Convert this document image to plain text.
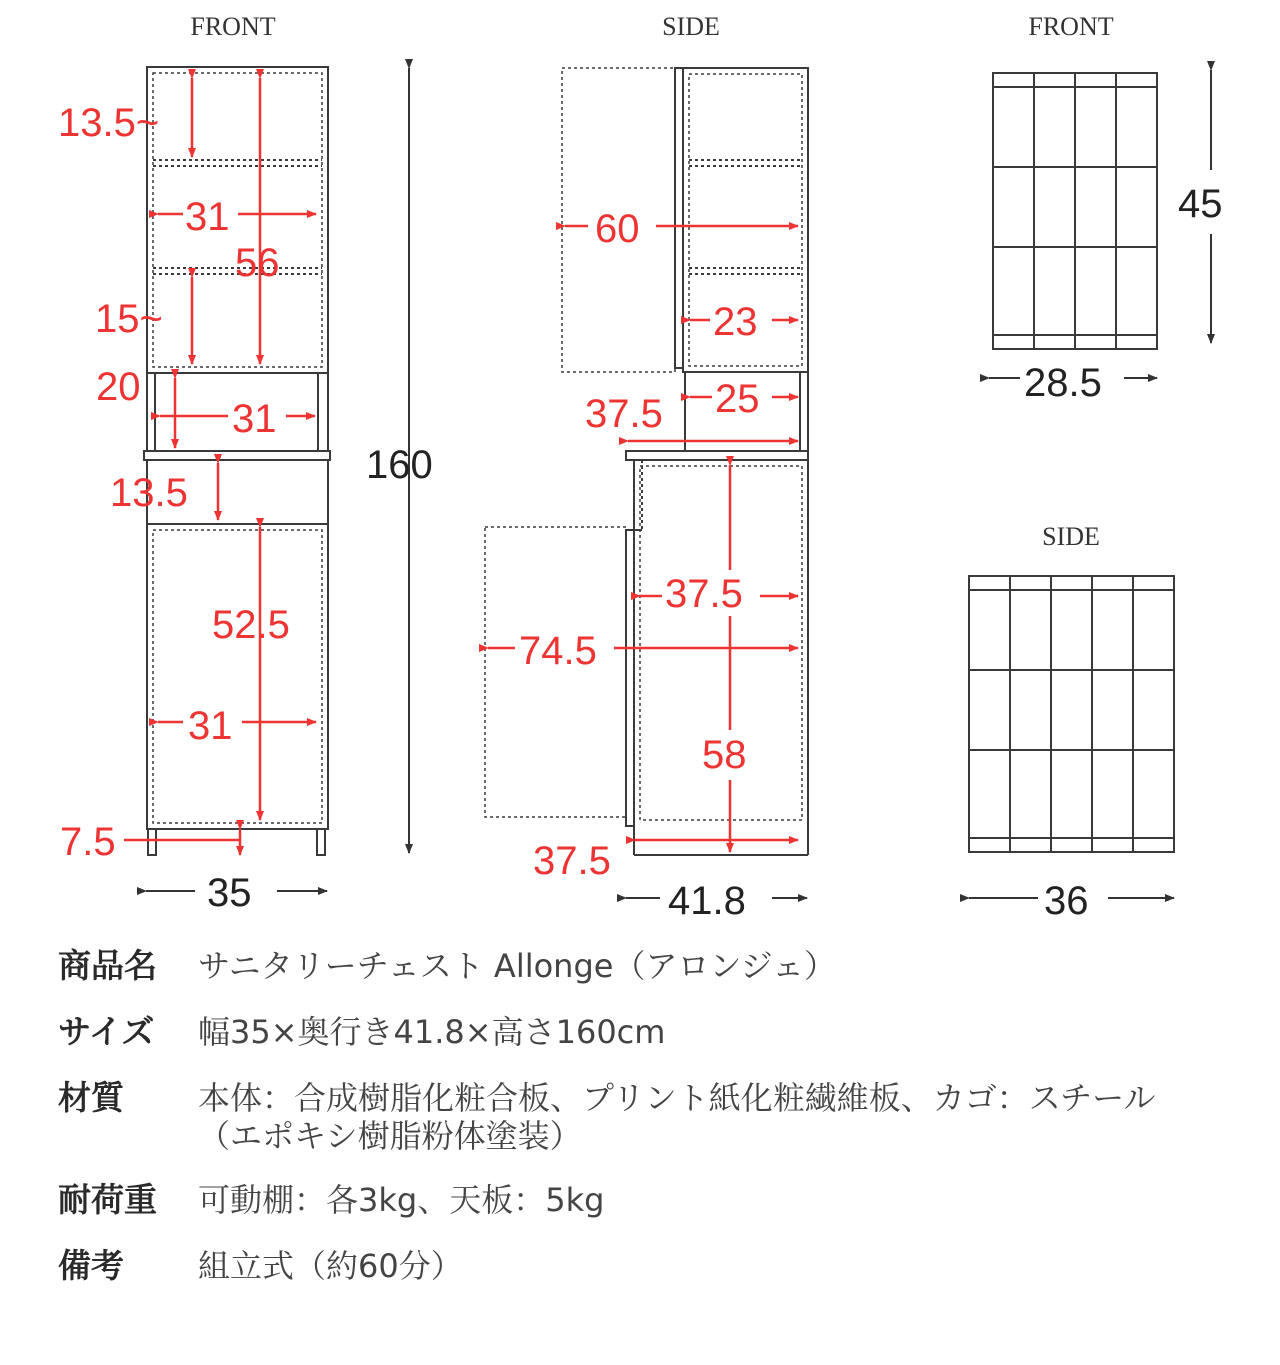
FRONT	SIDE	FRONT
SIDE
13.5~
31
56
15~
20
31
13.5
52.5
31
7.5
60
23
25
37.5
37.5
74.5
58
37.5
160
35	41.8
45
28.5
36
商品名	サニタリーチェスト Allonge（アロンジェ）
サイズ	幅35×奥行き41.8×高さ160cm
材質	本体：合成樹脂化粧合板、プリント紙化粧繊維板、カゴ：スチール
（エポキシ樹脂粉体塗装）
耐荷重	可動棚：各3kg、天板：5kg
備考	組立式（約60分）
